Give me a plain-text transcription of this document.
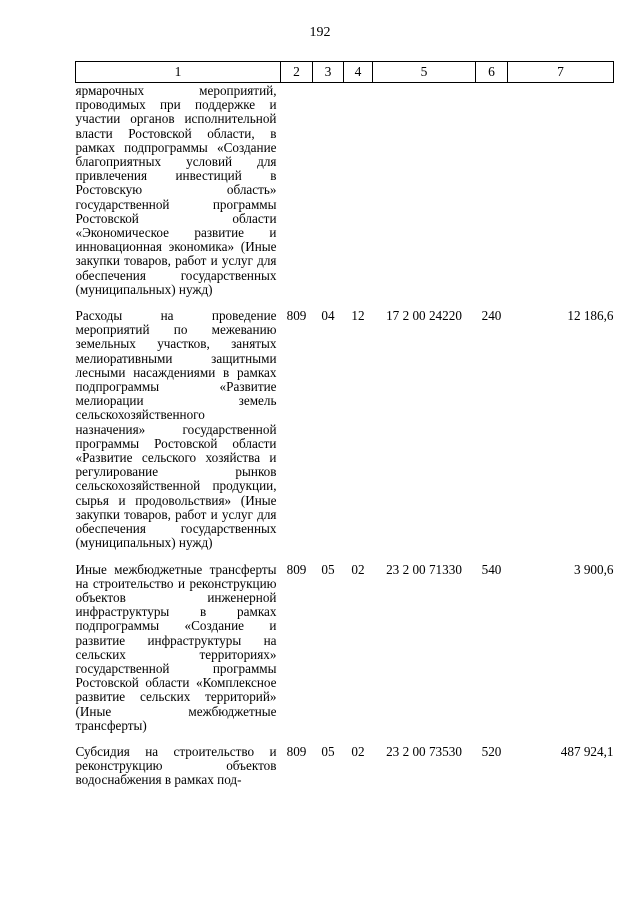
192
1	2	3	4	5	6	7
ярмарочных мероприятий, проводимых при поддержке и участии органов исполнительной власти Ростовской области, в рамках подпрограммы «Создание благоприятных условий для привлечения инвестиций в Ростовскую область» государственной программы Ростовской области «Экономическое развитие и инновационная экономика» (Иные закупки товаров, работ и услуг для обеспечения государственных (муниципальных) нужд)						

Расходы на проведение мероприятий по межеванию земельных участков, занятых мелиоративными защитными лесными насаждениями в рамках подпрограммы «Развитие мелиорации земель сельскохозяйственного назначения» государственной программы Ростовской области «Развитие сельского хозяйства и регулирование рынков сельскохозяйственной продукции, сырья и продовольствия» (Иные закупки товаров, работ и услуг для обеспечения государственных (муниципальных) нужд)	809	04	12	17 2 00 24220	240	12 186,6

Иные межбюджетные трансферты на строительство и реконструкцию объектов инженерной инфраструктуры в рамках подпрограммы «Создание и развитие инфраструктуры на сельских территориях» государственной программы Ростовской области «Комплексное развитие сельских территорий» (Иные межбюджетные трансферты)	809	05	02	23 2 00 71330	540	3 900,6

Субсидия на строительство и реконструкцию объектов водоснабжения в рамках под-	809	05	02	23 2 00 73530	520	487 924,1
